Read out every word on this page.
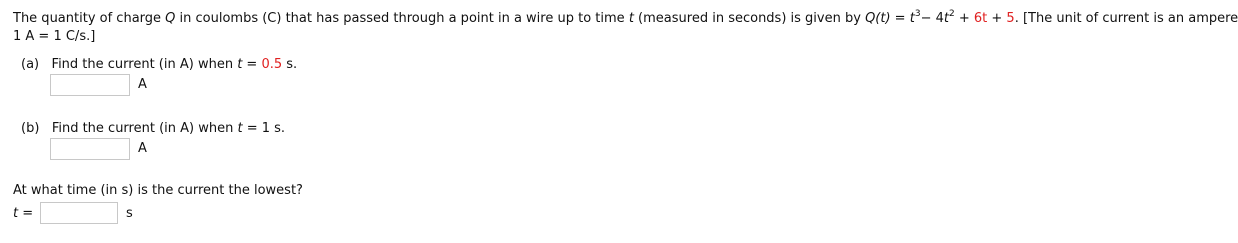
The quantity of charge Q in coulombs (C) that has passed through a point in a wire up to time t (measured in seconds) is given by $Q(t) = t^3- 4t^2 + 6t + 5$. [The unit of current is an ampere
1 A = 1 C/s.]
(a) Find the current (in A) when t = 0.5 s.
A
(b) Find the current (in A) when t = 1 s.
A
At what time (in s) is the current the lowest?
t =	s
